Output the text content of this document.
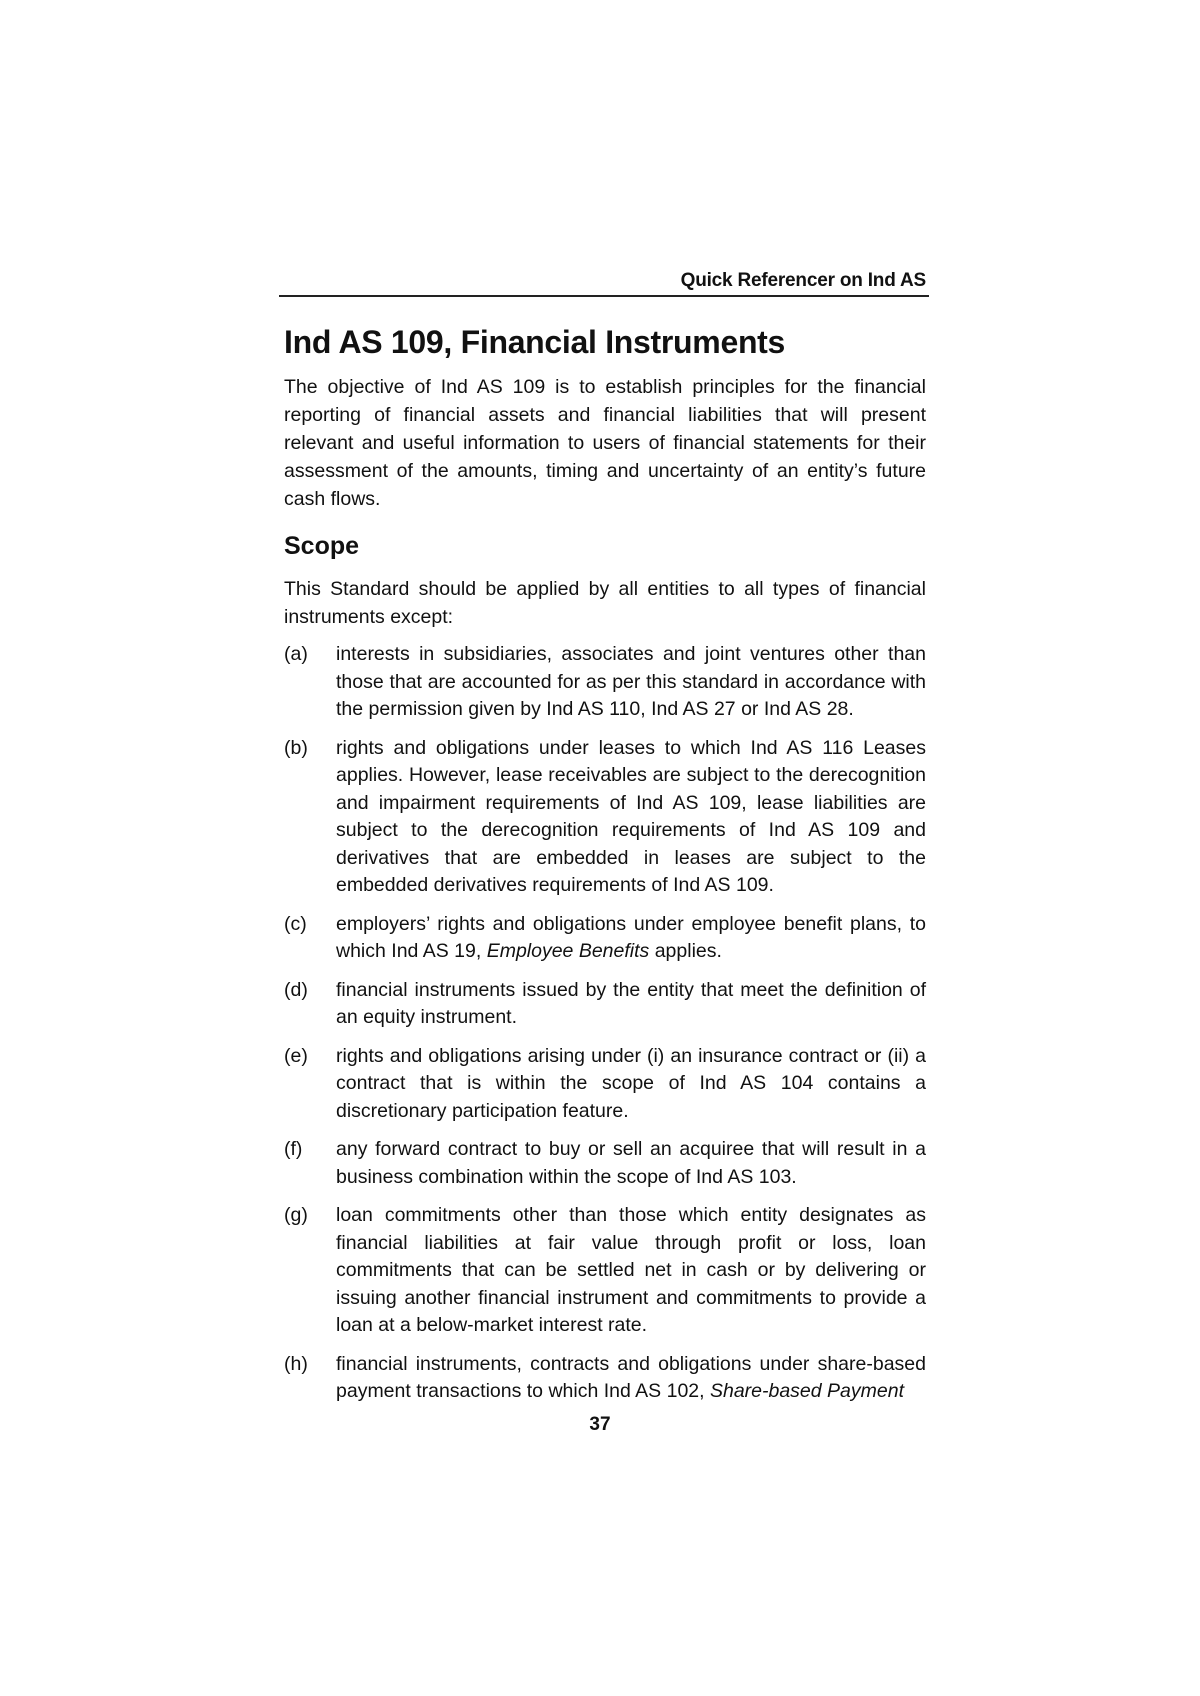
Quick Referencer on Ind AS
Ind AS 109, Financial Instruments
The objective of Ind AS 109 is to establish principles for the financial reporting of financial assets and financial liabilities that will present relevant and useful information to users of financial statements for their assessment of the amounts, timing and uncertainty of an entity’s future cash flows.
Scope
This Standard should be applied by all entities to all types of financial instruments except:
(a)	interests in subsidiaries, associates and joint ventures other than those that are accounted for as per this standard in accordance with the permission given by Ind AS 110, Ind AS 27 or Ind AS 28.
(b)	rights and obligations under leases to which Ind AS 116 Leases applies. However, lease receivables are subject to the derecognition and impairment requirements of Ind AS 109, lease liabilities are subject to the derecognition requirements of Ind AS 109 and derivatives that are embedded in leases are subject to the embedded derivatives requirements of Ind AS 109.
(c)	employers’ rights and obligations under employee benefit plans, to which Ind AS 19, Employee Benefits applies.
(d)	financial instruments issued by the entity that meet the definition of an equity instrument.
(e)	rights and obligations arising under (i) an insurance contract or (ii) a contract that is within the scope of Ind AS 104 contains a discretionary participation feature.
(f)	any forward contract to buy or sell an acquiree that will result in a business combination within the scope of Ind AS 103.
(g)	loan commitments other than those which entity designates as financial liabilities at fair value through profit or loss, loan commitments that can be settled net in cash or by delivering or issuing another financial instrument and commitments to provide a loan at a below-market interest rate.
(h)	financial instruments, contracts and obligations under share-based payment transactions to which Ind AS 102, Share-based Payment
37
